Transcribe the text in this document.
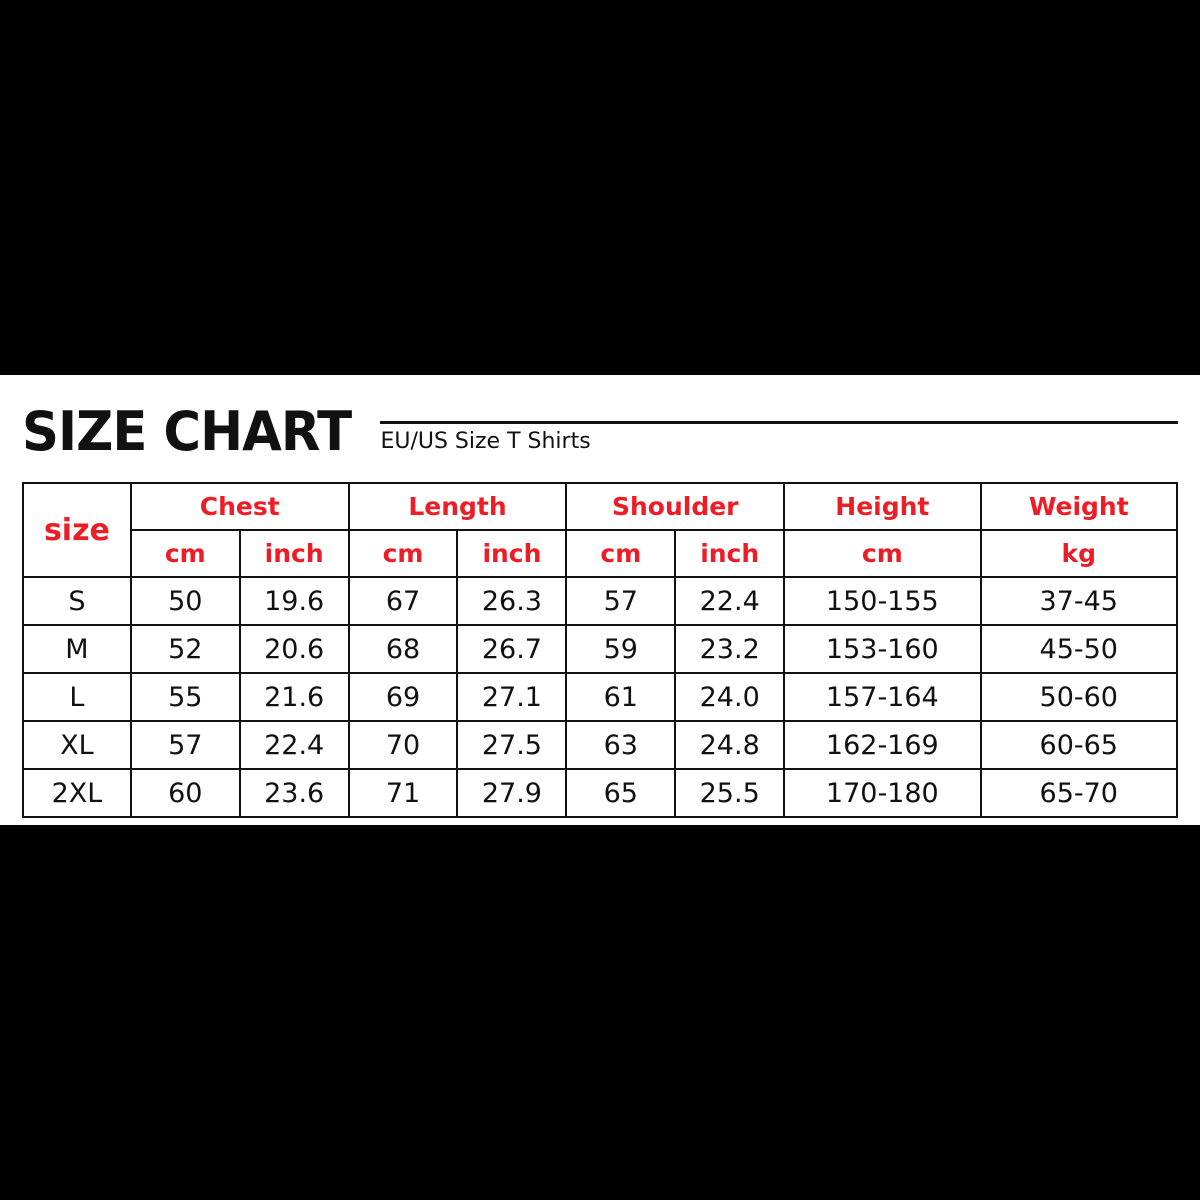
SIZE CHART EU/US Size T Shirts
size	Chest		Length		Shoulder		Height	Weight
	cm	inch	cm	inch	cm	inch	cm	kg
S	50	19.6	67	26.3	57	22.4	150-155	37-45
M	52	20.6	68	26.7	59	23.2	153-160	45-50
L	55	21.6	69	27.1	61	24.0	157-164	50-60
XL	57	22.4	70	27.5	63	24.8	162-169	60-65
2XL	60	23.6	71	27.9	65	25.5	170-180	65-70
